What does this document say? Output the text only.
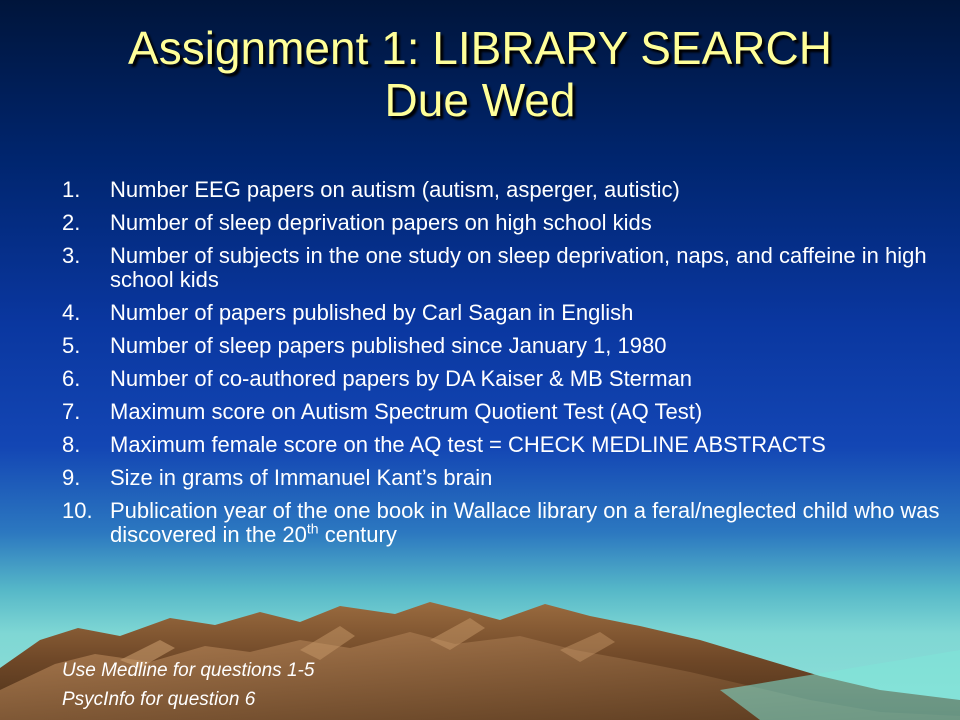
Assignment 1: LIBRARY SEARCH
Due Wed
1.	Number EEG papers on autism (autism, asperger, autistic)
2.	Number of sleep deprivation papers on high school kids
3.	Number of subjects in the one study on sleep deprivation, naps, and caffeine in high school kids
4.	Number of papers published by Carl Sagan in English
5.	Number of sleep papers published since January 1, 1980
6.	Number of co-authored papers by DA Kaiser & MB Sterman
7.	Maximum score on Autism Spectrum Quotient Test (AQ Test)
8.	Maximum female score on the AQ test = CHECK MEDLINE ABSTRACTS
9.	Size in grams of Immanuel Kant’s brain
10. Publication year of the one book in Wallace library on a feral/neglected child who was discovered in the 20th century
Use Medline for questions 1-5
PsycInfo for question 6
